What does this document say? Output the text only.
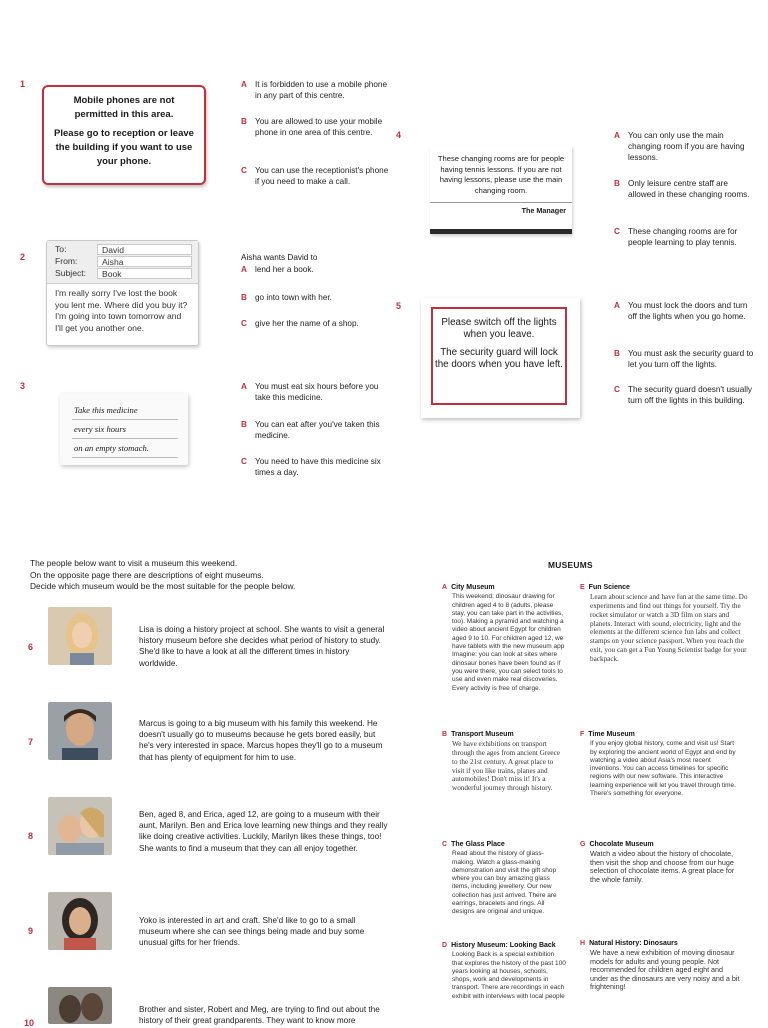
1

Mobile phones are not permitted in this area.

Please go to reception or leave the building if you want to use your phone.

A It is forbidden to use a mobile phone in any part of this centre.
B You are allowed to use your mobile phone in one area of this centre.
C You can use the receptionist's phone if you need to make a call.
2
To:	David
From:	Aisha
Subject:	Book
I'm really sorry I've lost the book you lent me. Where did you buy it? I'm going into town tomorrow and I'll get you another one.
Aisha wants David to
A lend her a book.
B go into town with her.
C give her the name of a shop.
3
Take this medicine
every six hours
on an empty stomach.
A You must eat six hours before you take this medicine.
B You can eat after you've taken this medicine.
C You need to have this medicine six times a day.
4
These changing rooms are for people having tennis lessons. If you are not having lessons, please use the main changing room.
The Manager
A You can only use the main changing room if you are having lessons.
B Only leisure centre staff are allowed in these changing rooms.
C These changing rooms are for people learning to play tennis.
5

Please switch off the lights when you leave.

The security guard will lock the doors when you have left.

A You must lock the doors and turn off the lights when you go home.
B You must ask the security guard to let you turn off the lights.
C The security guard doesn't usually turn off the lights in this building.
The people below want to visit a museum this weekend.
On the opposite page there are descriptions of eight museums.
Decide which museum would be the most suitable for the people below.
6
Lisa is doing a history project at school. She wants to visit a general history museum before she decides what period of history to study. She'd like to have a look at all the different times in history worldwide.
7
Marcus is going to a big museum with his family this weekend. He doesn't usually go to museums because he gets bored easily, but he's very interested in space. Marcus hopes they'll go to a museum that has plenty of equipment for him to use.
8
Ben, aged 8, and Erica, aged 12, are going to a museum with their aunt, Marilyn. Ben and Erica love learning new things and they really like doing creative activities. Luckily, Marilyn likes these things, too! She wants to find a museum that they can all enjoy together.
9
Yoko is interested in art and craft. She'd like to go to a small museum where she can see things being made and buy some unusual gifts for her friends.
10
Brother and sister, Robert and Meg, are trying to find out about the history of their great grandparents. They want to know more
MUSEUMS
A City Museum
This weekend: dinosaur drawing for children aged 4 to 8 (adults, please stay, you can take part in the activities, too). Making a pyramid and watching a video about ancient Egypt for children aged 9 to 10. For children aged 12, we have tablets with the new museum app Imagine: you can look at sites where dinosaur bones have been found as if you were there, you can select tools to use and even make real discoveries. Every activity is free of charge.
B Transport Museum
We have exhibitions on transport through the ages from ancient Greece to the 21st century. A great place to visit if you like trains, planes and automobiles! Don't miss it! It's a wonderful journey through history.
C The Glass Place
Read about the history of glass-making. Watch a glass-making demonstration and visit the gift shop where you can buy amazing glass items, including jewellery. Our new collection has just arrived. There are earrings, bracelets and rings. All designs are original and unique.
D History Museum: Looking Back
Looking Back is a special exhibition that explores the history of the past 100 years looking at houses, schools, shops, work and developments in transport. There are recordings in each exhibit with interviews with local people
E Fun Science
Learn about science and have fun at the same time. Do experiments and find out things for yourself. Try the rocket simulator or watch a 3D film on stars and planets. Interact with sound, electricity, light and the elements at the different science fun labs and collect stamps on your science passport. When you reach the exit, you can get a Fun Young Scientist badge for your backpack.
F Time Museum
If you enjoy global history, come and visit us! Start by exploring the ancient world of Egypt and end by watching a video about Asia's most recent inventions. You can access timelines for specific regions with our new software. This interactive learning experience will let you travel through time. There's something for everyone.
G Chocolate Museum
Watch a video about the history of chocolate, then visit the shop and choose from our huge selection of chocolate items. A great place for the whole family.
H Natural History: Dinosaurs
We have a new exhibition of moving dinosaur models for adults and young people. Not recommended for children aged eight and under as the dinosaurs are very noisy and a bit frightening!
